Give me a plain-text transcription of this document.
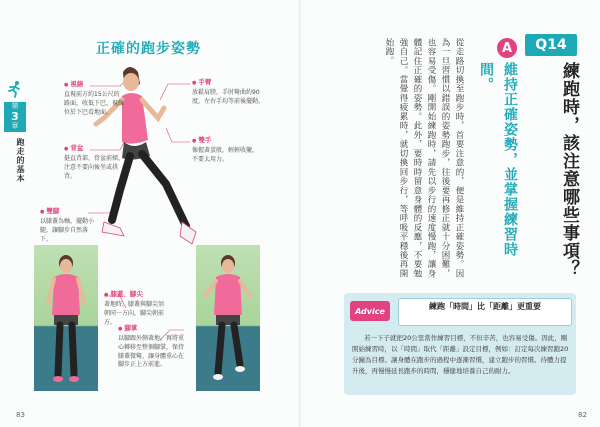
第
3
章
跑走的基本
正確的跑步姿勢
● 視線
直視前方約15公尺的路面，收低下巴，視線位於下巴看地面。
● 手臂
放鬆肩膀，手肘彎曲約90度，左右手均等前後擺動。
● 背盆
挺直背部，骨盆前傾，注意不要向後坐或拱背。
● 雙手
像握著蛋般，輕輕收攏，不要太用力。
● 雙腳
以膝蓋為軸，擺動小腿，讓腳步自然落下。
● 膝蓋、腳尖
著地時，膝蓋與腳尖須朝同一方向，腳尖朝前方。
● 腳掌
以腳跟外側著地，再將重心轉移至整個腳掌，保持膝蓋微彎，讓身體重心在腳步正上方前進。
83
Q14
練跑時，該注意哪些事項？
A
維持正確姿勢，並掌握練習時間。
從走路切換至跑步時，首要注意的，便是維持正確姿勢。因為一旦習慣以錯誤的姿勢跑步，往後要再修正就十分困難，也容易受傷。剛開始練跑時，請先以步行的速度慢跑，讓身體記住正確的姿勢。此外，要時時留意身體的反應，不要勉強自己。當覺得疲累時，就切換回步行，等呼吸平穩後再開始跑。
Advice	練跑「時間」比「距離」更重要
若一下子就把20公里當作練習目標，不但辛苦，也容易受傷。因此，剛開始練習時，以「時間」取代「距離」設定目標，例如：訂定每次練習跑20分鐘為目標。讓身體在跑步的過程中逐漸習慣，建立跑步的習慣。待體力提升後，再慢慢延長跑步的時間，穩健地培養自己的耐力。
82
